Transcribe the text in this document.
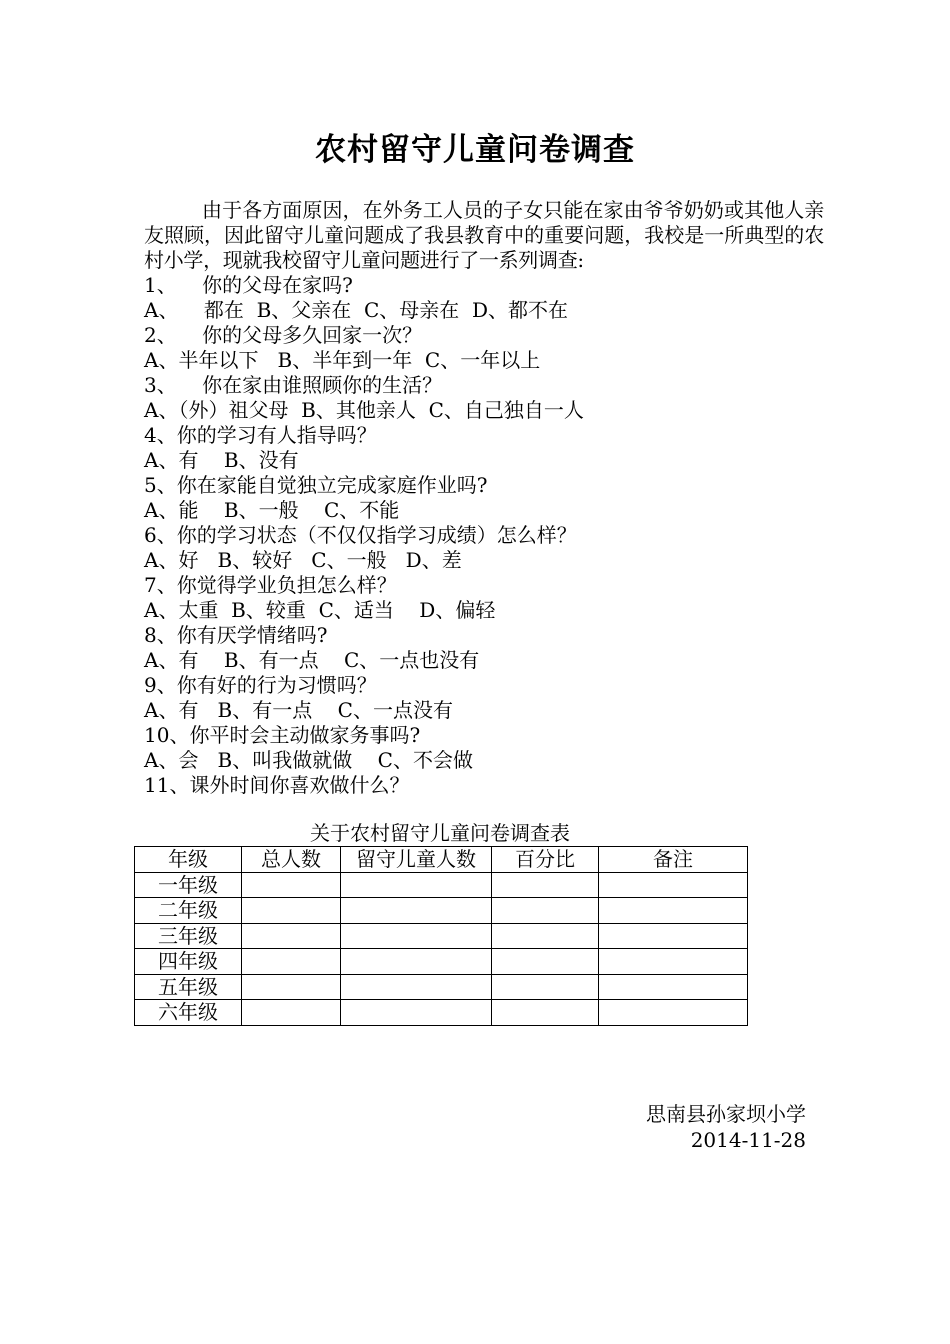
农村留守儿童问卷调查

由于各方面原因，在外务工人员的子女只能在家由爷爷奶奶或其他人亲友照顾，因此留守儿童问题成了我县教育中的重要问题，我校是一所典型的农村小学，现就我校留守儿童问题进行了一系列调查:

1、    你的父母在家吗?

A、    都在  B、父亲在  C、母亲在  D、都不在

2、    你的父母多久回家一次？

A、半年以下   B、半年到一年  C、一年以上

3、    你在家由谁照顾你的生活？

A、（外）祖父母  B、其他亲人  C、自己独自一人

4、你的学习有人指导吗？

A、有    B、没有

5、你在家能自觉独立完成家庭作业吗?

A、能    B、一般    C、不能

6、你的学习状态（不仅仅指学习成绩）怎么样？

A、好   B、较好   C、一般   D、差

7、你觉得学业负担怎么样？

A、太重  B、较重  C、适当    D、偏轻

8、你有厌学情绪吗?

A、有    B、有一点    C、一点也没有

9、你有好的行为习惯吗？

A、有   B、有一点    C、一点没有

10、你平时会主动做家务事吗?

A、会   B、叫我做就做    C、不会做

11、课外时间你喜欢做什么？

关于农村留守儿童问卷调查表
年级	总人数	留守儿童人数	百分比	备注
一年级				
二年级				
三年级				
四年级				
五年级				
六年级				
思南县孙家坝小学
2014-11-28
